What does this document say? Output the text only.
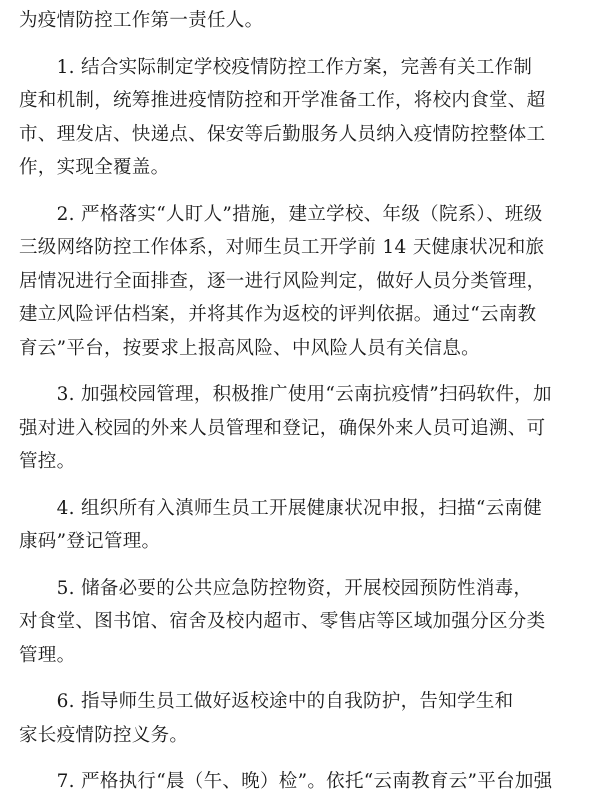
为疫情防控工作第一责任人。

　　1. 结合实际制定学校疫情防控工作方案，完善有关工作制
度和机制，统筹推进疫情防控和开学准备工作，将校内食堂、超
市、理发店、快递点、保安等后勤服务人员纳入疫情防控整体工
作，实现全覆盖。

　　2. 严格落实“人盯人”措施，建立学校、年级（院系）、班级
三级网络防控工作体系，对师生员工开学前 14 天健康状况和旅
居情况进行全面排查，逐一进行风险判定，做好人员分类管理，
建立风险评估档案，并将其作为返校的评判依据。通过“云南教
育云”平台，按要求上报高风险、中风险人员有关信息。

　　3. 加强校园管理，积极推广使用“云南抗疫情”扫码软件，加
强对进入校园的外来人员管理和登记，确保外来人员可追溯、可
管控。

　　4. 组织所有入滇师生员工开展健康状况申报，扫描“云南健
康码”登记管理。

　　5. 储备必要的公共应急防控物资，开展校园预防性消毒，
对食堂、图书馆、宿舍及校内超市、零售店等区域加强分区分类
管理。

　　6. 指导师生员工做好返校途中的自我防护，告知学生和
家长疫情防控义务。

　　7. 严格执行“晨（午、晚）检”。依托“云南教育云”平台加强
